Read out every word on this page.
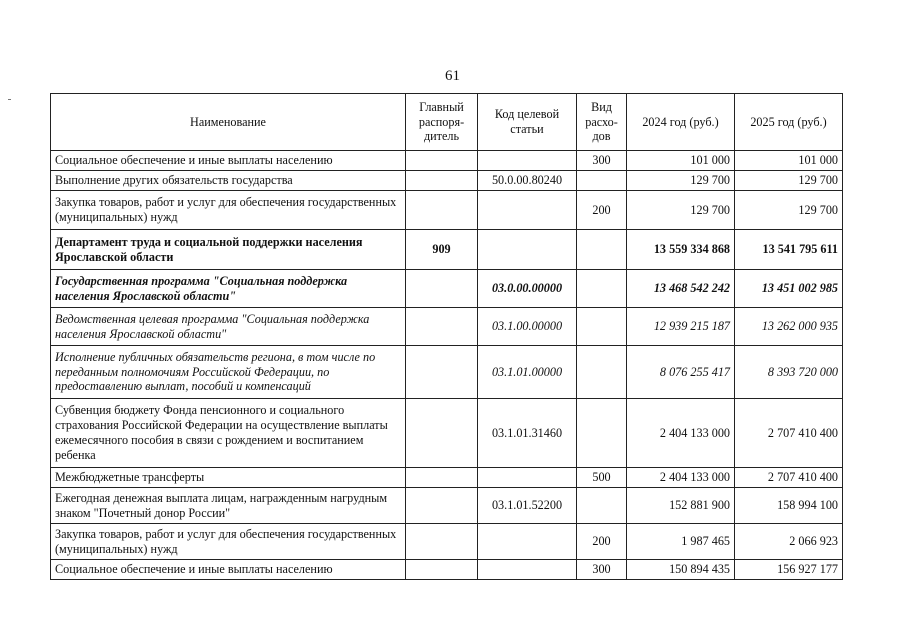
61
Наименование	Главный распоря-дитель	Код целевой статьи	Вид расхо-дов	2024 год (руб.)	2025 год (руб.)
Социальное обеспечение и иные выплаты населению			300	101 000	101 000
Выполнение других обязательств государства		50.0.00.80240		129 700	129 700
Закупка товаров, работ и услуг для обеспечения государственных (муниципальных) нужд			200	129 700	129 700
Департамент труда и социальной поддержки населения Ярославской области	909			13 559 334 868	13 541 795 611
Государственная программа "Социальная поддержка населения Ярославской области"		03.0.00.00000		13 468 542 242	13 451 002 985
Ведомственная целевая программа "Социальная поддержка населения Ярославской области"		03.1.00.00000		12 939 215 187	13 262 000 935
Исполнение публичных обязательств региона, в том числе по переданным полномочиям Российской Федерации, по предоставлению выплат, пособий и компенсаций		03.1.01.00000		8 076 255 417	8 393 720 000
Субвенция бюджету Фонда пенсионного и социального страхования Российской Федерации на осуществление выплаты ежемесячного пособия в связи с рождением и воспитанием ребенка		03.1.01.31460		2 404 133 000	2 707 410 400
Межбюджетные трансферты			500	2 404 133 000	2 707 410 400
Ежегодная денежная выплата лицам, награжденным нагрудным знаком "Почетный донор России"		03.1.01.52200		152 881 900	158 994 100
Закупка товаров, работ и услуг для обеспечения государственных (муниципальных) нужд			200	1 987 465	2 066 923
Социальное обеспечение и иные выплаты населению			300	150 894 435	156 927 177
